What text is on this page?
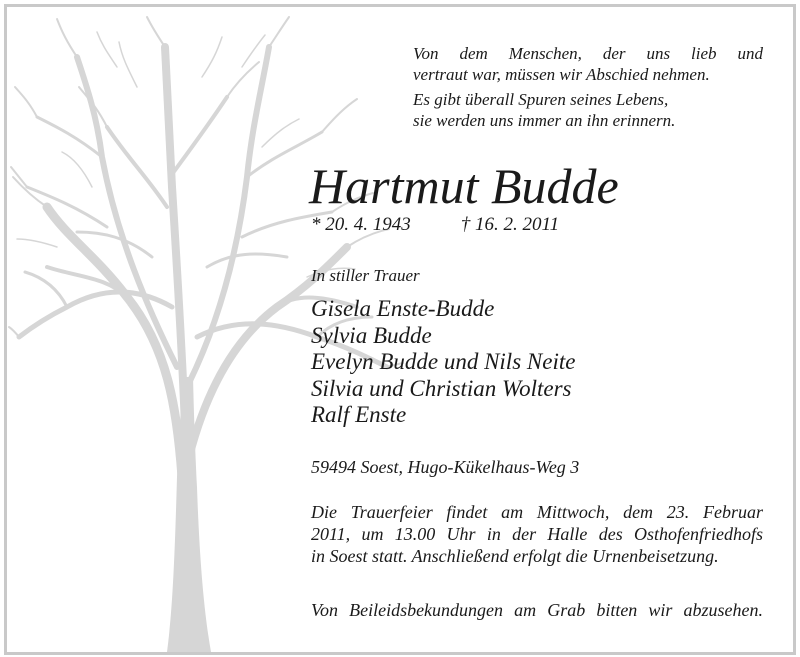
Von dem Menschen, der uns lieb und
vertraut war, müssen wir Abschied nehmen.
Es gibt überall Spuren seines Lebens,
sie werden uns immer an ihn erinnern.
Hartmut Budde
* 20. 4. 1943	† 16. 2. 2011
In stiller Trauer
Gisela Enste-Budde
Sylvia Budde
Evelyn Budde und Nils Neite
Silvia und Christian Wolters
Ralf Enste
59494 Soest, Hugo-Kükelhaus-Weg 3
Die Trauerfeier findet am Mittwoch, dem 23. Februar
2011, um 13.00 Uhr in der Halle des Osthofenfriedhofs
in Soest statt. Anschließend erfolgt die Urnenbeisetzung.
Von Beileidsbekundungen am Grab bitten wir abzusehen.
